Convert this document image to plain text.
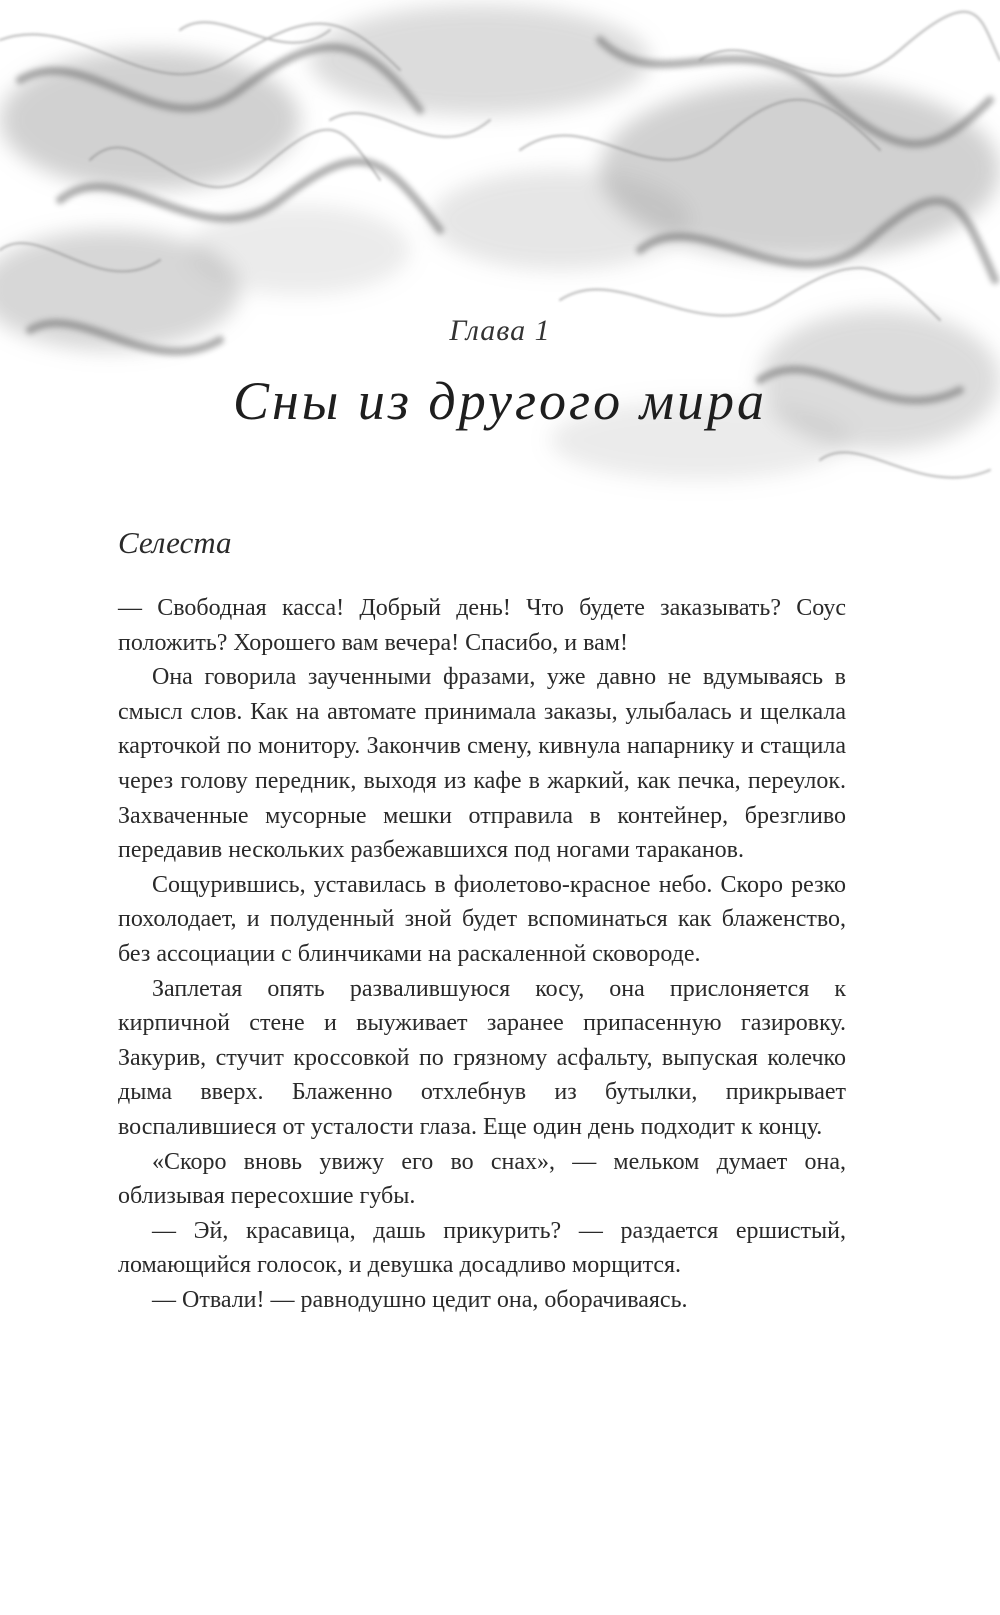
Глава 1
Сны из другого мира
Селеста

— Свободная касса! Добрый день! Что будете заказывать? Соус положить? Хорошего вам вечера! Спасибо, и вам!

Она говорила заученными фразами, уже давно не вдумываясь в смысл слов. Как на автомате принимала заказы, улыбалась и щелкала карточкой по монитору. Закончив смену, кивнула напарнику и стащила через голову передник, выходя из кафе в жаркий, как печка, переулок. Захваченные мусорные мешки отправила в контейнер, брезгливо передавив нескольких разбежавшихся под ногами тараканов.

Сощурившись, уставилась в фиолетово-красное небо. Скоро резко похолодает, и полуденный зной будет вспоминаться как блаженство, без ассоциации с блинчиками на раскаленной сковороде.

Заплетая опять развалившуюся косу, она прислоняется к кирпичной стене и выуживает заранее припасенную газировку. Закурив, стучит кроссовкой по грязному асфальту, выпуская колечко дыма вверх. Блаженно отхлебнув из бутылки, прикрывает воспалившиеся от усталости глаза. Еще один день подходит к концу.

«Скоро вновь увижу его во снах», — мельком думает она, облизывая пересохшие губы.

— Эй, красавица, дашь прикурить? — раздается ершистый, ломающийся голосок, и девушка досадливо морщится.

— Отвали! — равнодушно цедит она, оборачиваясь.
